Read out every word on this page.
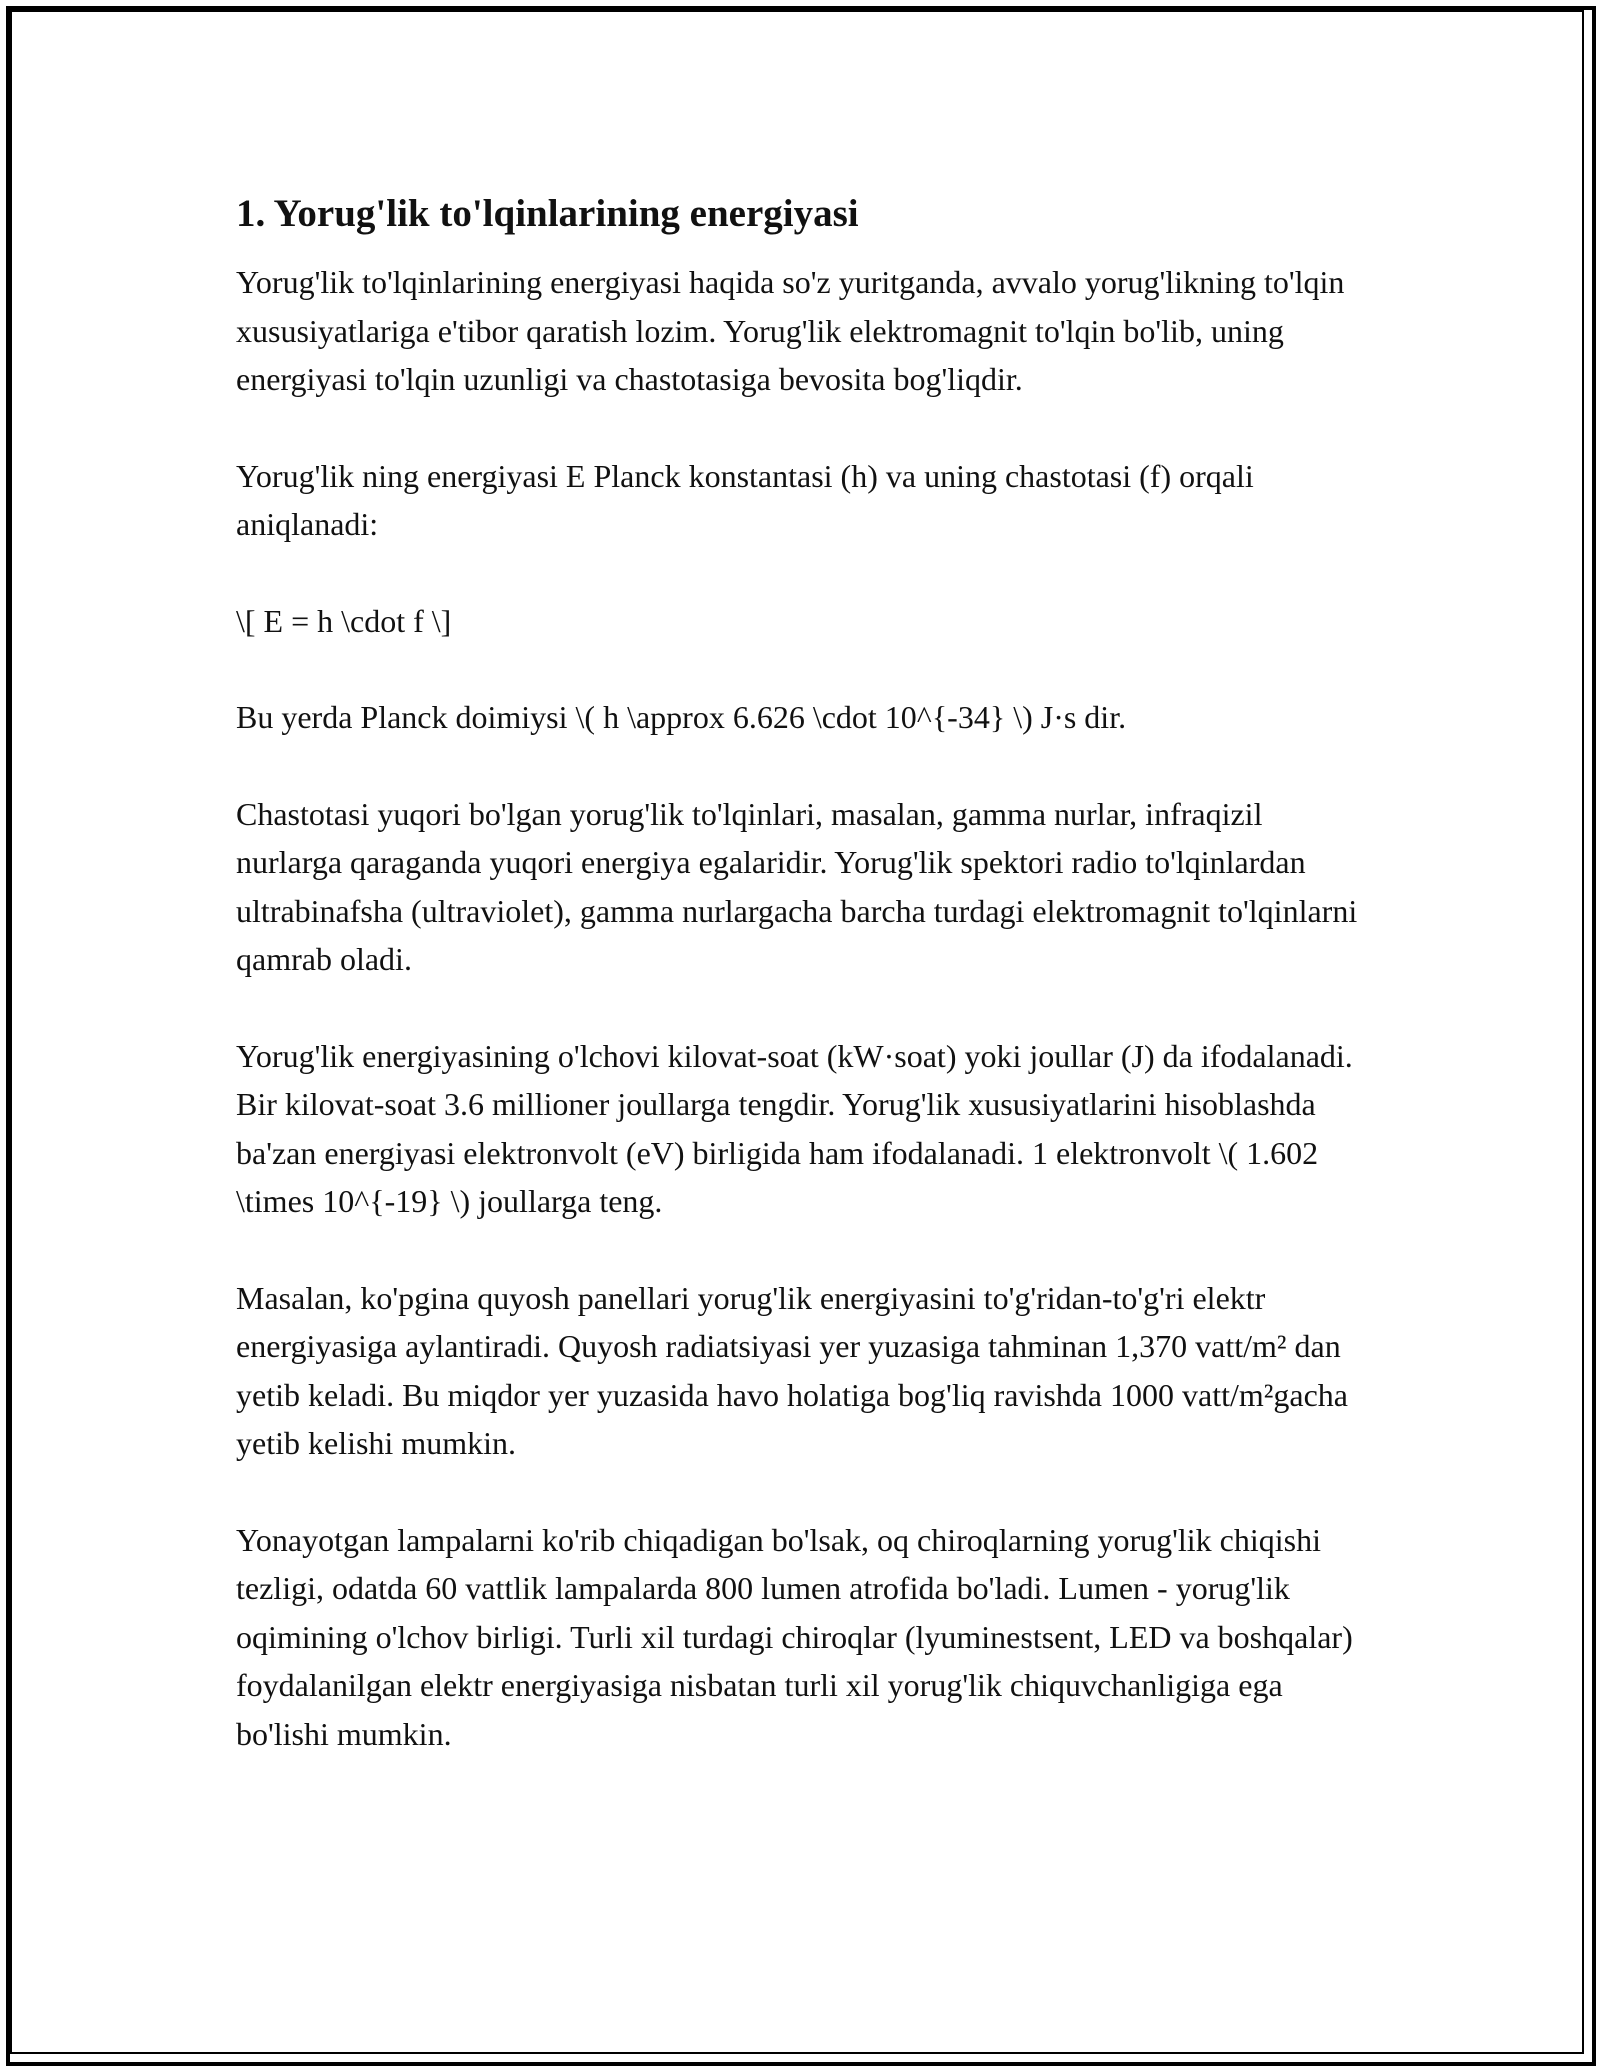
1. Yorug'lik to'lqinlarining energiyasi

Yorug'lik to'lqinlarining energiyasi haqida so'z yuritganda, avvalo yorug'likning to'lqin xususiyatlariga e'tibor qaratish lozim. Yorug'lik elektromagnit to'lqin bo'lib, uning energiyasi to'lqin uzunligi va chastotasiga bevosita bog'liqdir.

Yorug'lik ning energiyasi E Planck konstantasi (h) va uning chastotasi (f) orqali aniqlanadi:

\[ E = h \cdot f \]

Bu yerda Planck doimiysi \( h \approx 6.626 \cdot 10^{-34} \) J·s dir.

Chastotasi yuqori bo'lgan yorug'lik to'lqinlari, masalan, gamma nurlar, infraqizil nurlarga qaraganda yuqori energiya egalaridir. Yorug'lik spektori radio to'lqinlardan ultrabinafsha (ultraviolet), gamma nurlargacha barcha turdagi elektromagnit to'lqinlarni qamrab oladi.

Yorug'lik energiyasining o'lchovi kilovat-soat (kW·soat) yoki joullar (J) da ifodalanadi. Bir kilovat-soat 3.6 millioner joullarga tengdir. Yorug'lik xususiyatlarini hisoblashda ba'zan energiyasi elektronvolt (eV) birligida ham ifodalanadi. 1 elektronvolt \( 1.602 \times 10^{-19} \) joullarga teng.

Masalan, ko'pgina quyosh panellari yorug'lik energiyasini to'g'ridan-to'g'ri elektr energiyasiga aylantiradi. Quyosh radiatsiyasi yer yuzasiga tahminan 1,370 vatt/m² dan yetib keladi. Bu miqdor yer yuzasida havo holatiga bog'liq ravishda 1000 vatt/m²gacha yetib kelishi mumkin.

Yonayotgan lampalarni ko'rib chiqadigan bo'lsak, oq chiroqlarning yorug'lik chiqishi tezligi, odatda 60 vattlik lampalarda 800 lumen atrofida bo'ladi. Lumen - yorug'lik oqimining o'lchov birligi. Turli xil turdagi chiroqlar (lyuminestsent, LED va boshqalar) foydalanilgan elektr energiyasiga nisbatan turli xil yorug'lik chiquvchanligiga ega bo'lishi mumkin.
